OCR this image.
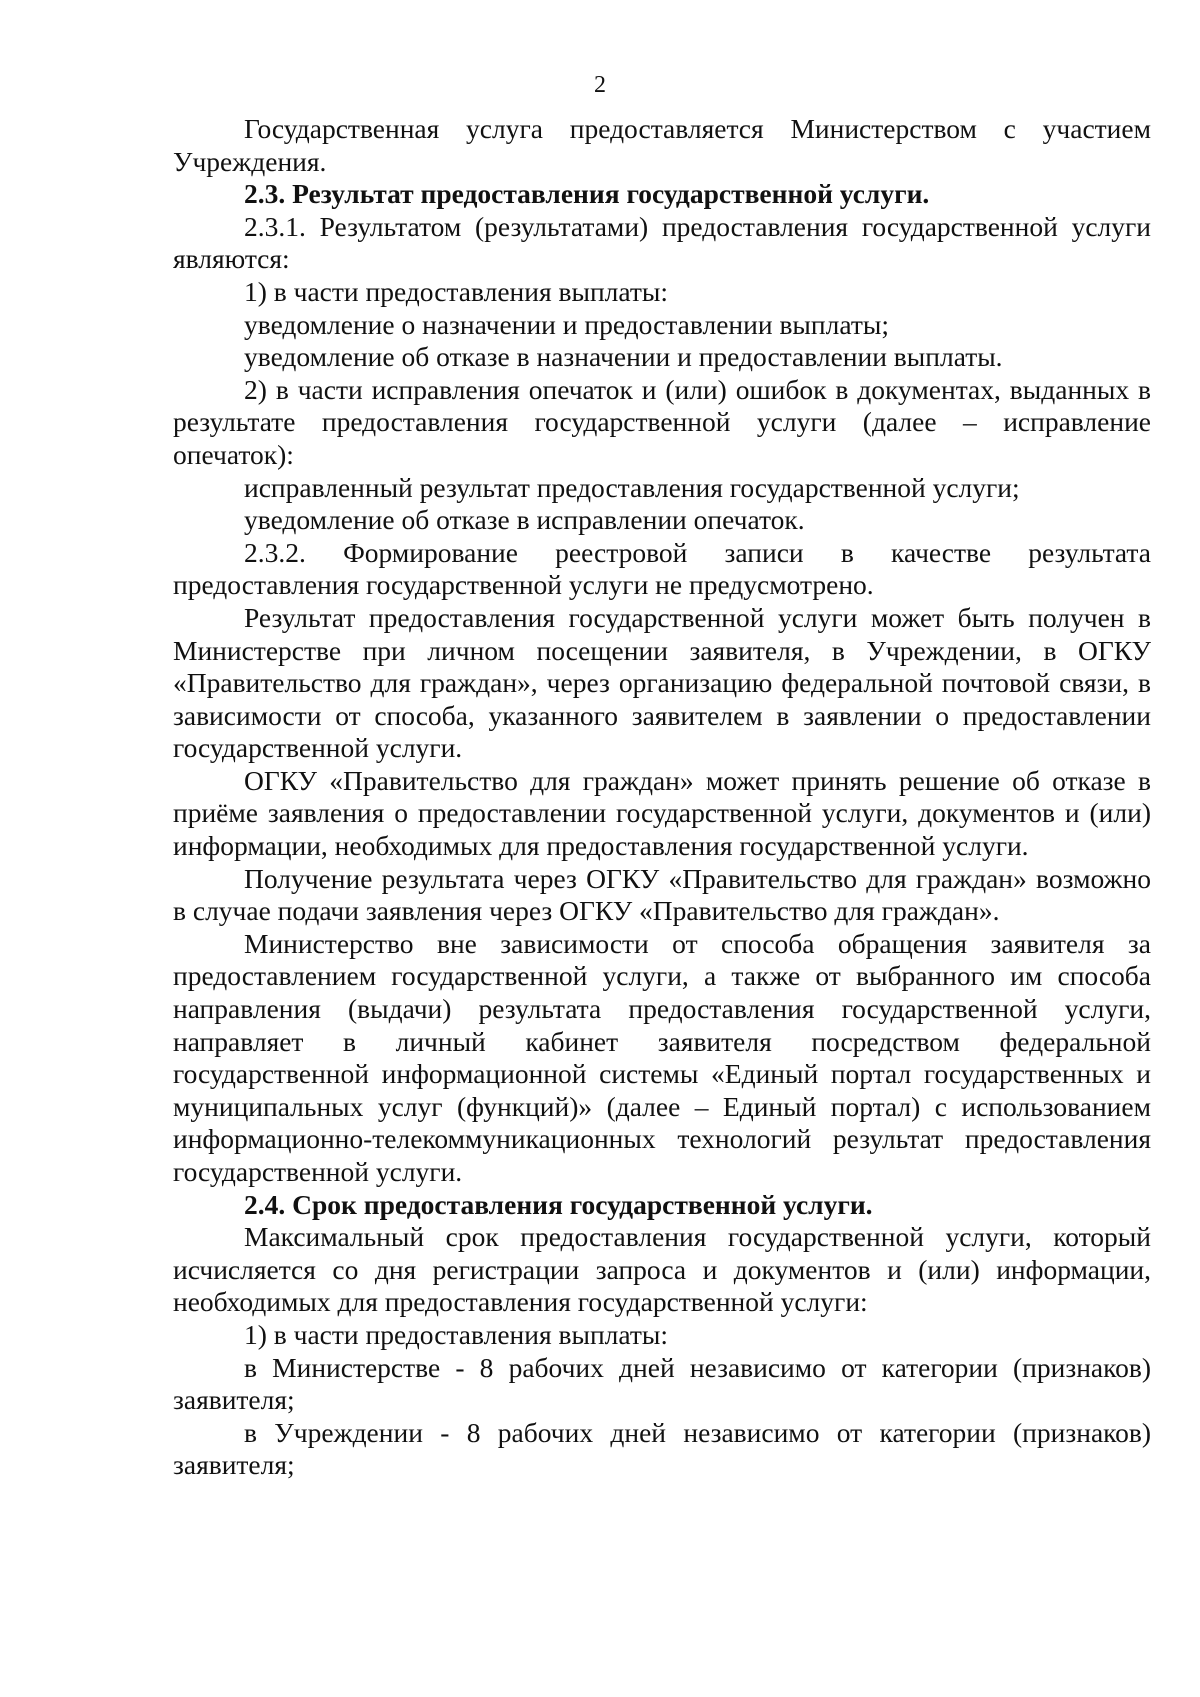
2

Государственная услуга предоставляется Министерством с участием Учреждения.

2.3. Результат предоставления государственной услуги.

2.3.1. Результатом (результатами) предоставления государственной услуги являются:

1) в части предоставления выплаты:

уведомление о назначении и предоставлении выплаты;

уведомление об отказе в назначении и предоставлении выплаты.

2) в части исправления опечаток и (или) ошибок в документах, выданных в результате предоставления государственной услуги (далее – исправление опечаток):

исправленный результат предоставления государственной услуги;

уведомление об отказе в исправлении опечаток.

2.3.2. Формирование реестровой записи в качестве результата предоставления государственной услуги не предусмотрено.

Результат предоставления государственной услуги может быть получен в Министерстве при личном посещении заявителя, в Учреждении, в ОГКУ «Правительство для граждан», через организацию федеральной почтовой связи, в зависимости от способа, указанного заявителем в заявлении о предоставлении государственной услуги.

ОГКУ «Правительство для граждан» может принять решение об отказе в приёме заявления о предоставлении государственной услуги, документов и (или) информации, необходимых для предоставления государственной услуги.

Получение результата через ОГКУ «Правительство для граждан» возможно в случае подачи заявления через ОГКУ «Правительство для граждан».

Министерство вне зависимости от способа обращения заявителя за предоставлением государственной услуги, а также от выбранного им способа направления (выдачи) результата предоставления государственной услуги, направляет в личный кабинет заявителя посредством федеральной государственной информационной системы «Единый портал государственных и муниципальных услуг (функций)» (далее – Единый портал) с использованием информационно-телекоммуникационных технологий результат предоставления государственной услуги.

2.4. Срок предоставления государственной услуги.

Максимальный срок предоставления государственной услуги, который исчисляется со дня регистрации запроса и документов и (или) информации, необходимых для предоставления государственной услуги:

1) в части предоставления выплаты:

в Министерстве - 8 рабочих дней независимо от категории (признаков) заявителя;

в Учреждении - 8 рабочих дней независимо от категории (признаков) заявителя;
